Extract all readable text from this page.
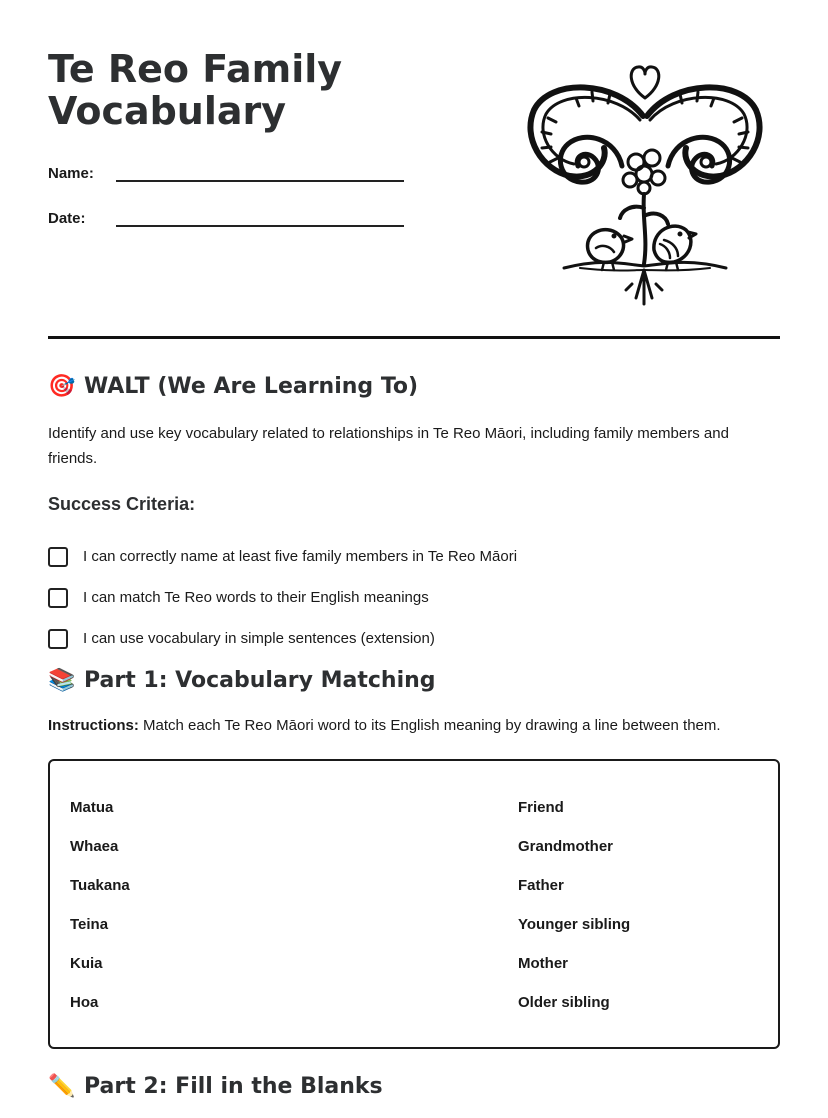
Te Reo Family Vocabulary
Name:
Date:
🎯 WALT (We Are Learning To)
Identify and use key vocabulary related to relationships in Te Reo Māori, including family members and friends.
Success Criteria:
I can correctly name at least five family members in Te Reo Māori
I can match Te Reo words to their English meanings
I can use vocabulary in simple sentences (extension)
📚 Part 1: Vocabulary Matching
Instructions: Match each Te Reo Māori word to its English meaning by drawing a line between them.
Matua
Whaea
Tuakana
Teina
Kuia
Hoa
Friend
Grandmother
Father
Younger sibling
Mother
Older sibling
✏️ Part 2: Fill in the Blanks
